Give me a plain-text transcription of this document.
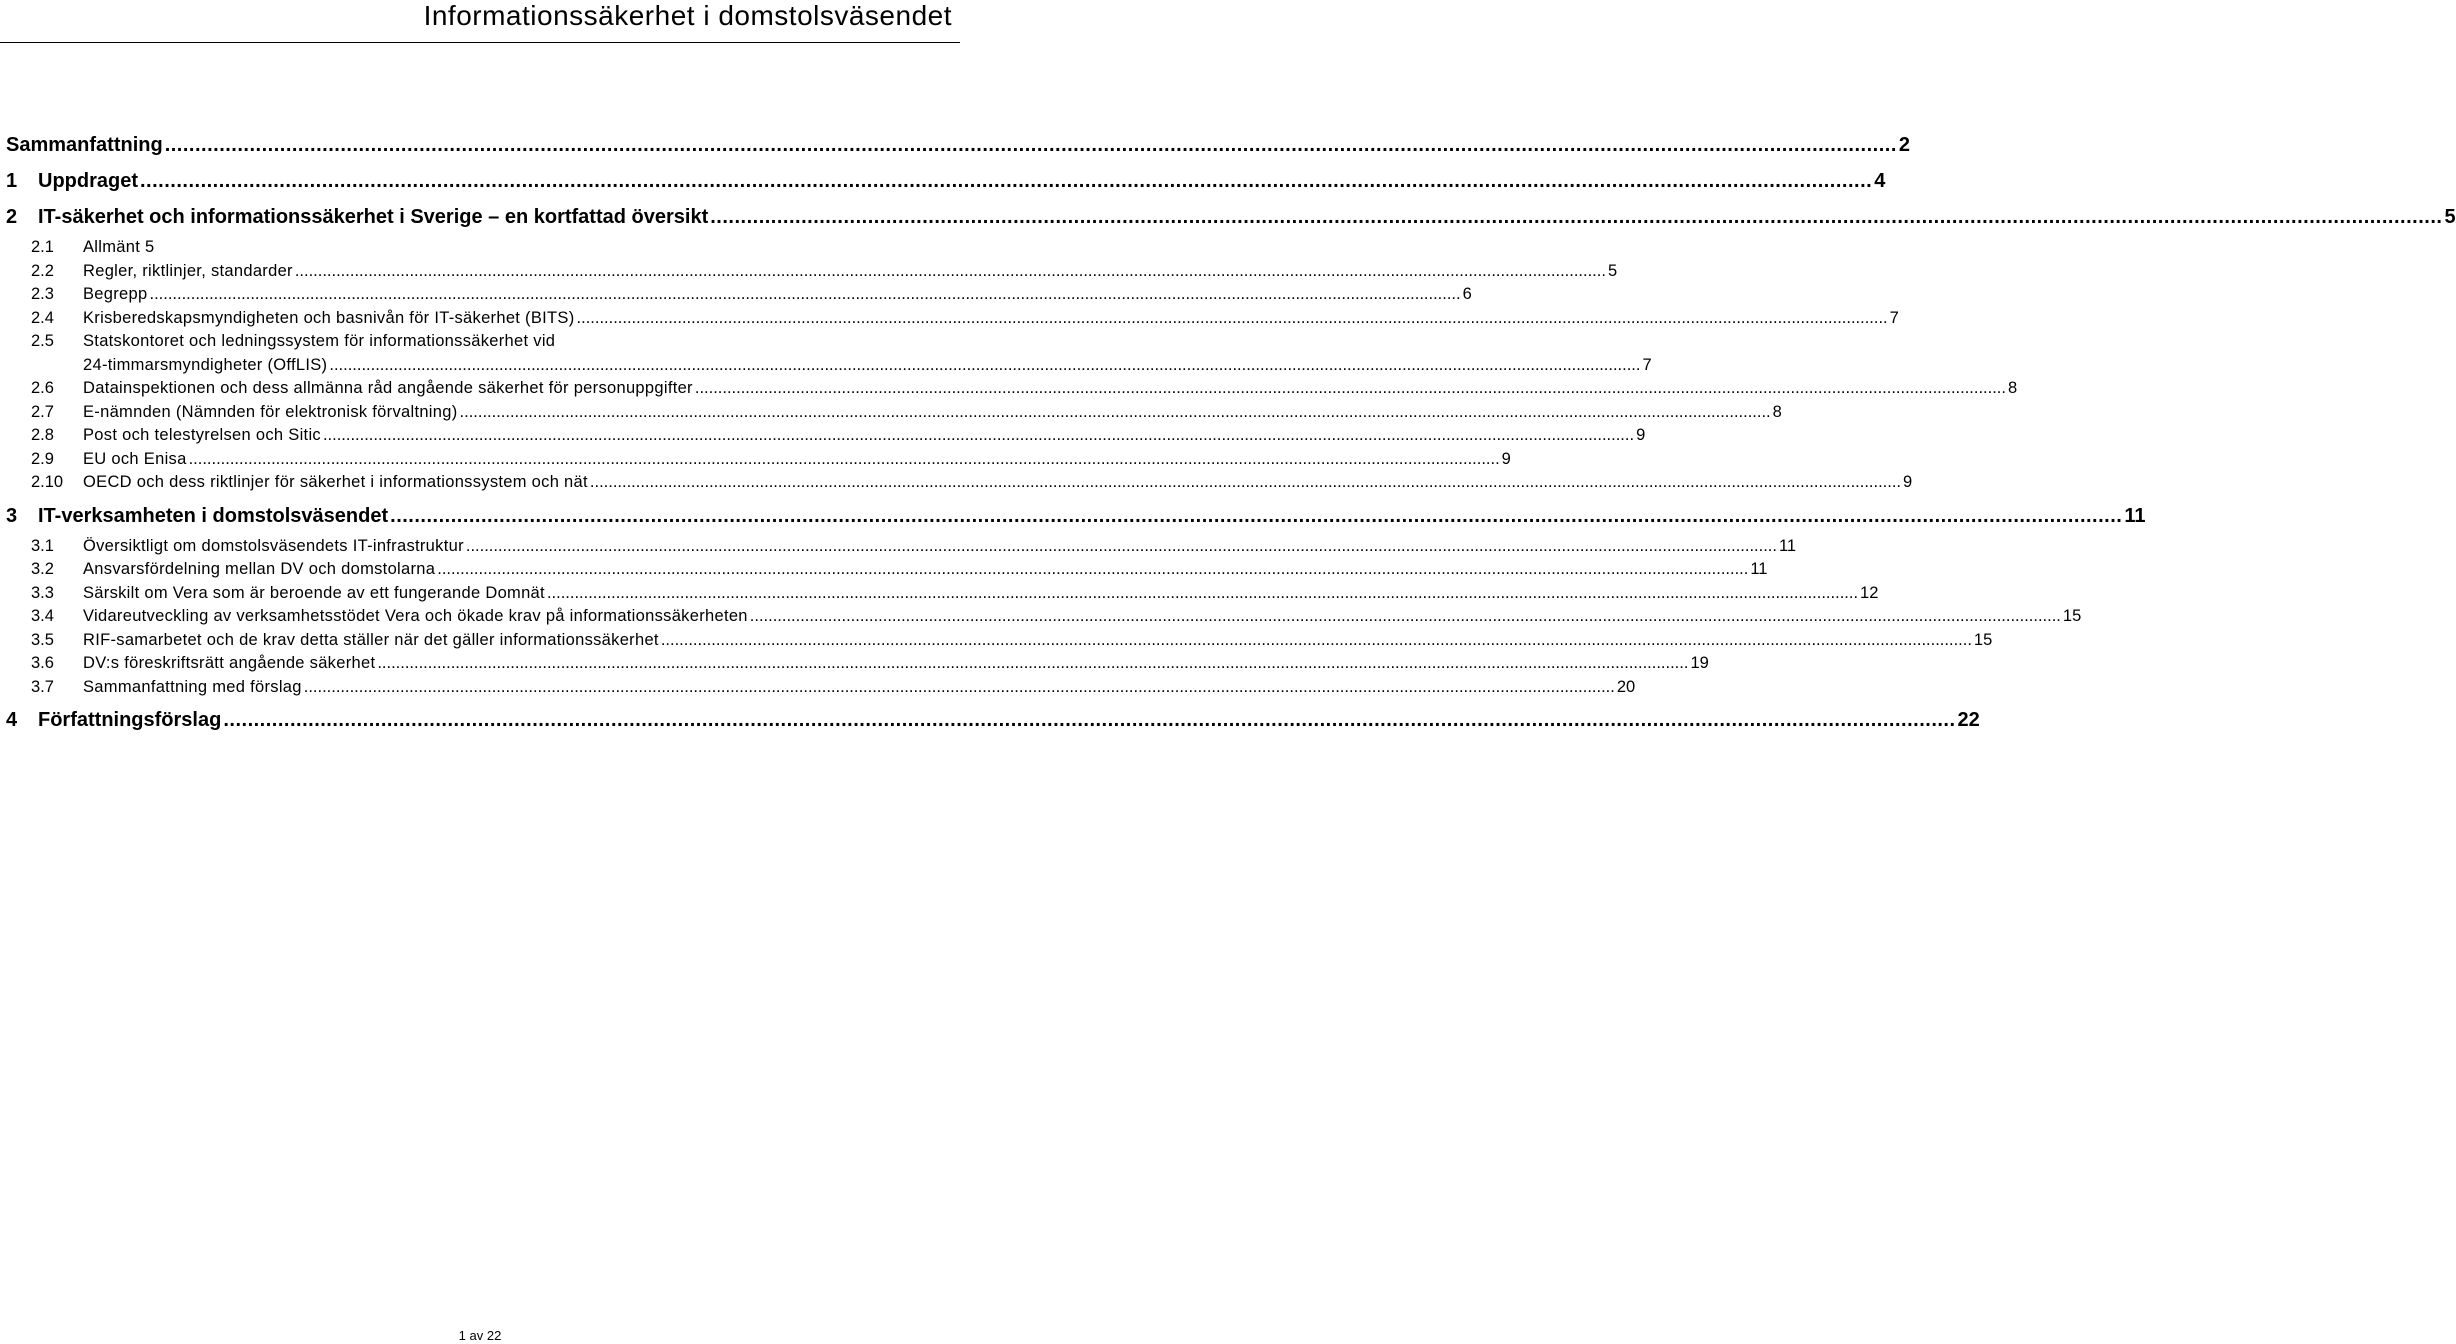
Informationssäkerhet i domstolsväsendet
Sammanfattning .....	2
1	Uppdraget .....	4
2	IT-säkerhet och informationssäkerhet i Sverige – en kortfattad översikt .....	5
2.1	Allmänt 5
2.2	Regler, riktlinjer, standarder .....	5
2.3	Begrepp .....	6
2.4	Krisberedskapsmyndigheten och basnivån för IT-säkerhet (BITS) .....	7
2.5	Statskontoret och ledningssystem för informationssäkerhet vid
24-timmarsmyndigheter (OffLIS) .....	7
2.6	Datainspektionen och dess allmänna råd angående säkerhet för personuppgifter .....	8
2.7	E-nämnden (Nämnden för elektronisk förvaltning) .....	8
2.8	Post och telestyrelsen och Sitic .....	9
2.9	EU och Enisa .....	9
2.10	OECD och dess riktlinjer för säkerhet i informationssystem och nät .....	9
3	IT-verksamheten i domstolsväsendet .....	11
3.1	Översiktligt om domstolsväsendets IT-infrastruktur .....	11
3.2	Ansvarsfördelning mellan DV och domstolarna .....	11
3.3	Särskilt om Vera som är beroende av ett fungerande Domnät .....	12
3.4	Vidareutveckling av verksamhetsstödet Vera och ökade krav på informationssäkerheten .....	15
3.5	RIF-samarbetet och de krav detta ställer när det gäller informationssäkerhet .....	15
3.6	DV:s föreskriftsrätt angående säkerhet .....	19
3.7	Sammanfattning med förslag .....	20
4	Författningsförslag .....	22
1 av 22
